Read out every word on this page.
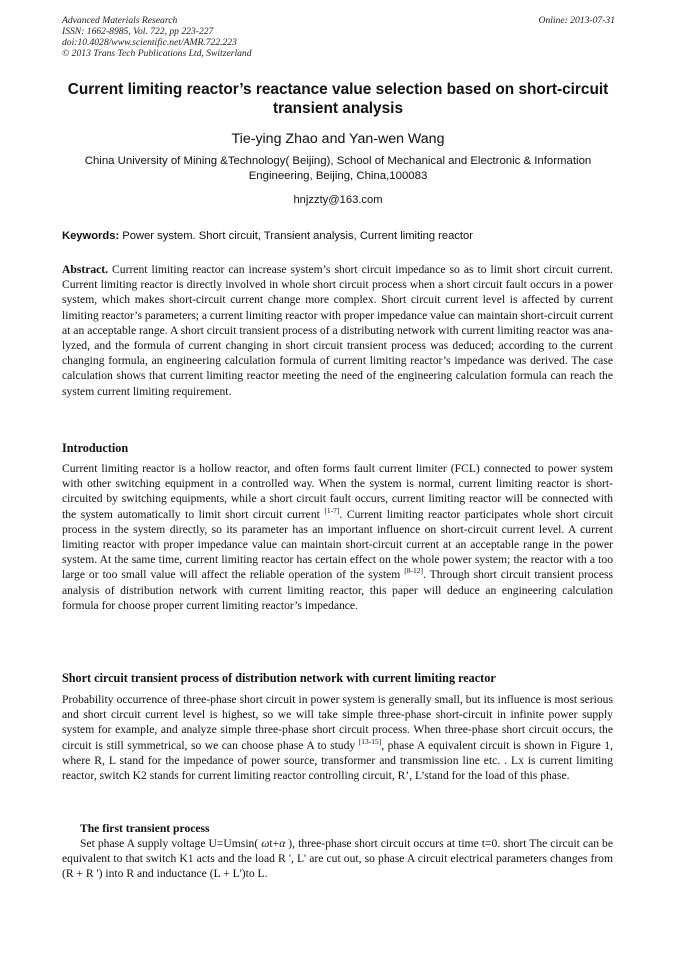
Advanced Materials Research
ISSN: 1662-8985, Vol. 722, pp 223-227
doi:10.4028/www.scientific.net/AMR.722.223
© 2013 Trans Tech Publications Ltd, Switzerland
Online: 2013-07-31
Current limiting reactor’s reactance value selection based on short-circuit transient analysis
Tie-ying Zhao and Yan-wen Wang
China University of Mining &Technology( Beijing), School of Mechanical and Electronic & Information Engineering, Beijing, China,100083
hnjzzty@163.com
Keywords: Power system. Short circuit, Transient analysis, Current limiting reactor
Abstract. Current limiting reactor can increase system’s short circuit impedance so as to limit short circuit current. Current limiting reactor is directly involved in whole short circuit process when a short circuit fault occurs in a power system, which makes short-circuit current change more complex. Short circuit current level is affected by current limiting reactor’s parameters; a current limiting reactor with proper impedance value can maintain short-circuit current at an acceptable range. A short circuit transient process of a distributing network with current limiting reactor was analyzed, and the formula of current changing in short circuit transient process was deduced; according to the current changing formula, an engineering calculation formula of current limiting reactor’s impedance was derived. The case calculation shows that current limiting reactor meeting the need of the engineering calculation formula can reach the system current limiting requirement.
Introduction
Current limiting reactor is a hollow reactor, and often forms fault current limiter (FCL) connected to power system with other switching equipment in a controlled way. When the system is normal, current limiting reactor is short-circuited by switching equipments, while a short circuit fault occurs, current limiting reactor will be connected with the system automatically to limit short circuit current [1-7]. Current limiting reactor participates whole short circuit process in the system directly, so its parameter has an important influence on short-circuit current level. A current limiting reactor with proper impedance value can maintain short-circuit current at an acceptable range in the power system. At the same time, current limiting reactor has certain effect on the whole power system; the reactor with a too large or too small value will affect the reliable operation of the system [8-12]. Through short circuit transient process analysis of distribution network with current limiting reactor, this paper will deduce an engineering calculation formula for choose proper current limiting reactor’s impedance.
Short circuit transient process of distribution network with current limiting reactor
Probability occurrence of three-phase short circuit in power system is generally small, but its influence is most serious and short circuit current level is highest, so we will take simple three-phase short-circuit in infinite power supply system for example, and analyze simple three-phase short circuit process. When three-phase short circuit occurs, the circuit is still symmetrical, so we can choose phase A to study [13-15], phase A equivalent circuit is shown in Figure 1, where R, L stand for the impedance of power source, transformer and transmission line etc. . Lx is current limiting reactor, switch K2 stands for current limiting reactor controlling circuit, R’, L’stand for the load of this phase.
The first transient process
Set phase A supply voltage U=Umsin( ωt+α ), three-phase short circuit occurs at time t=0. short The circuit can be equivalent to that switch K1 acts and the load R ', L' are cut out, so phase A circuit electrical parameters changes from (R + R ') into R and inductance (L + L')to L.
